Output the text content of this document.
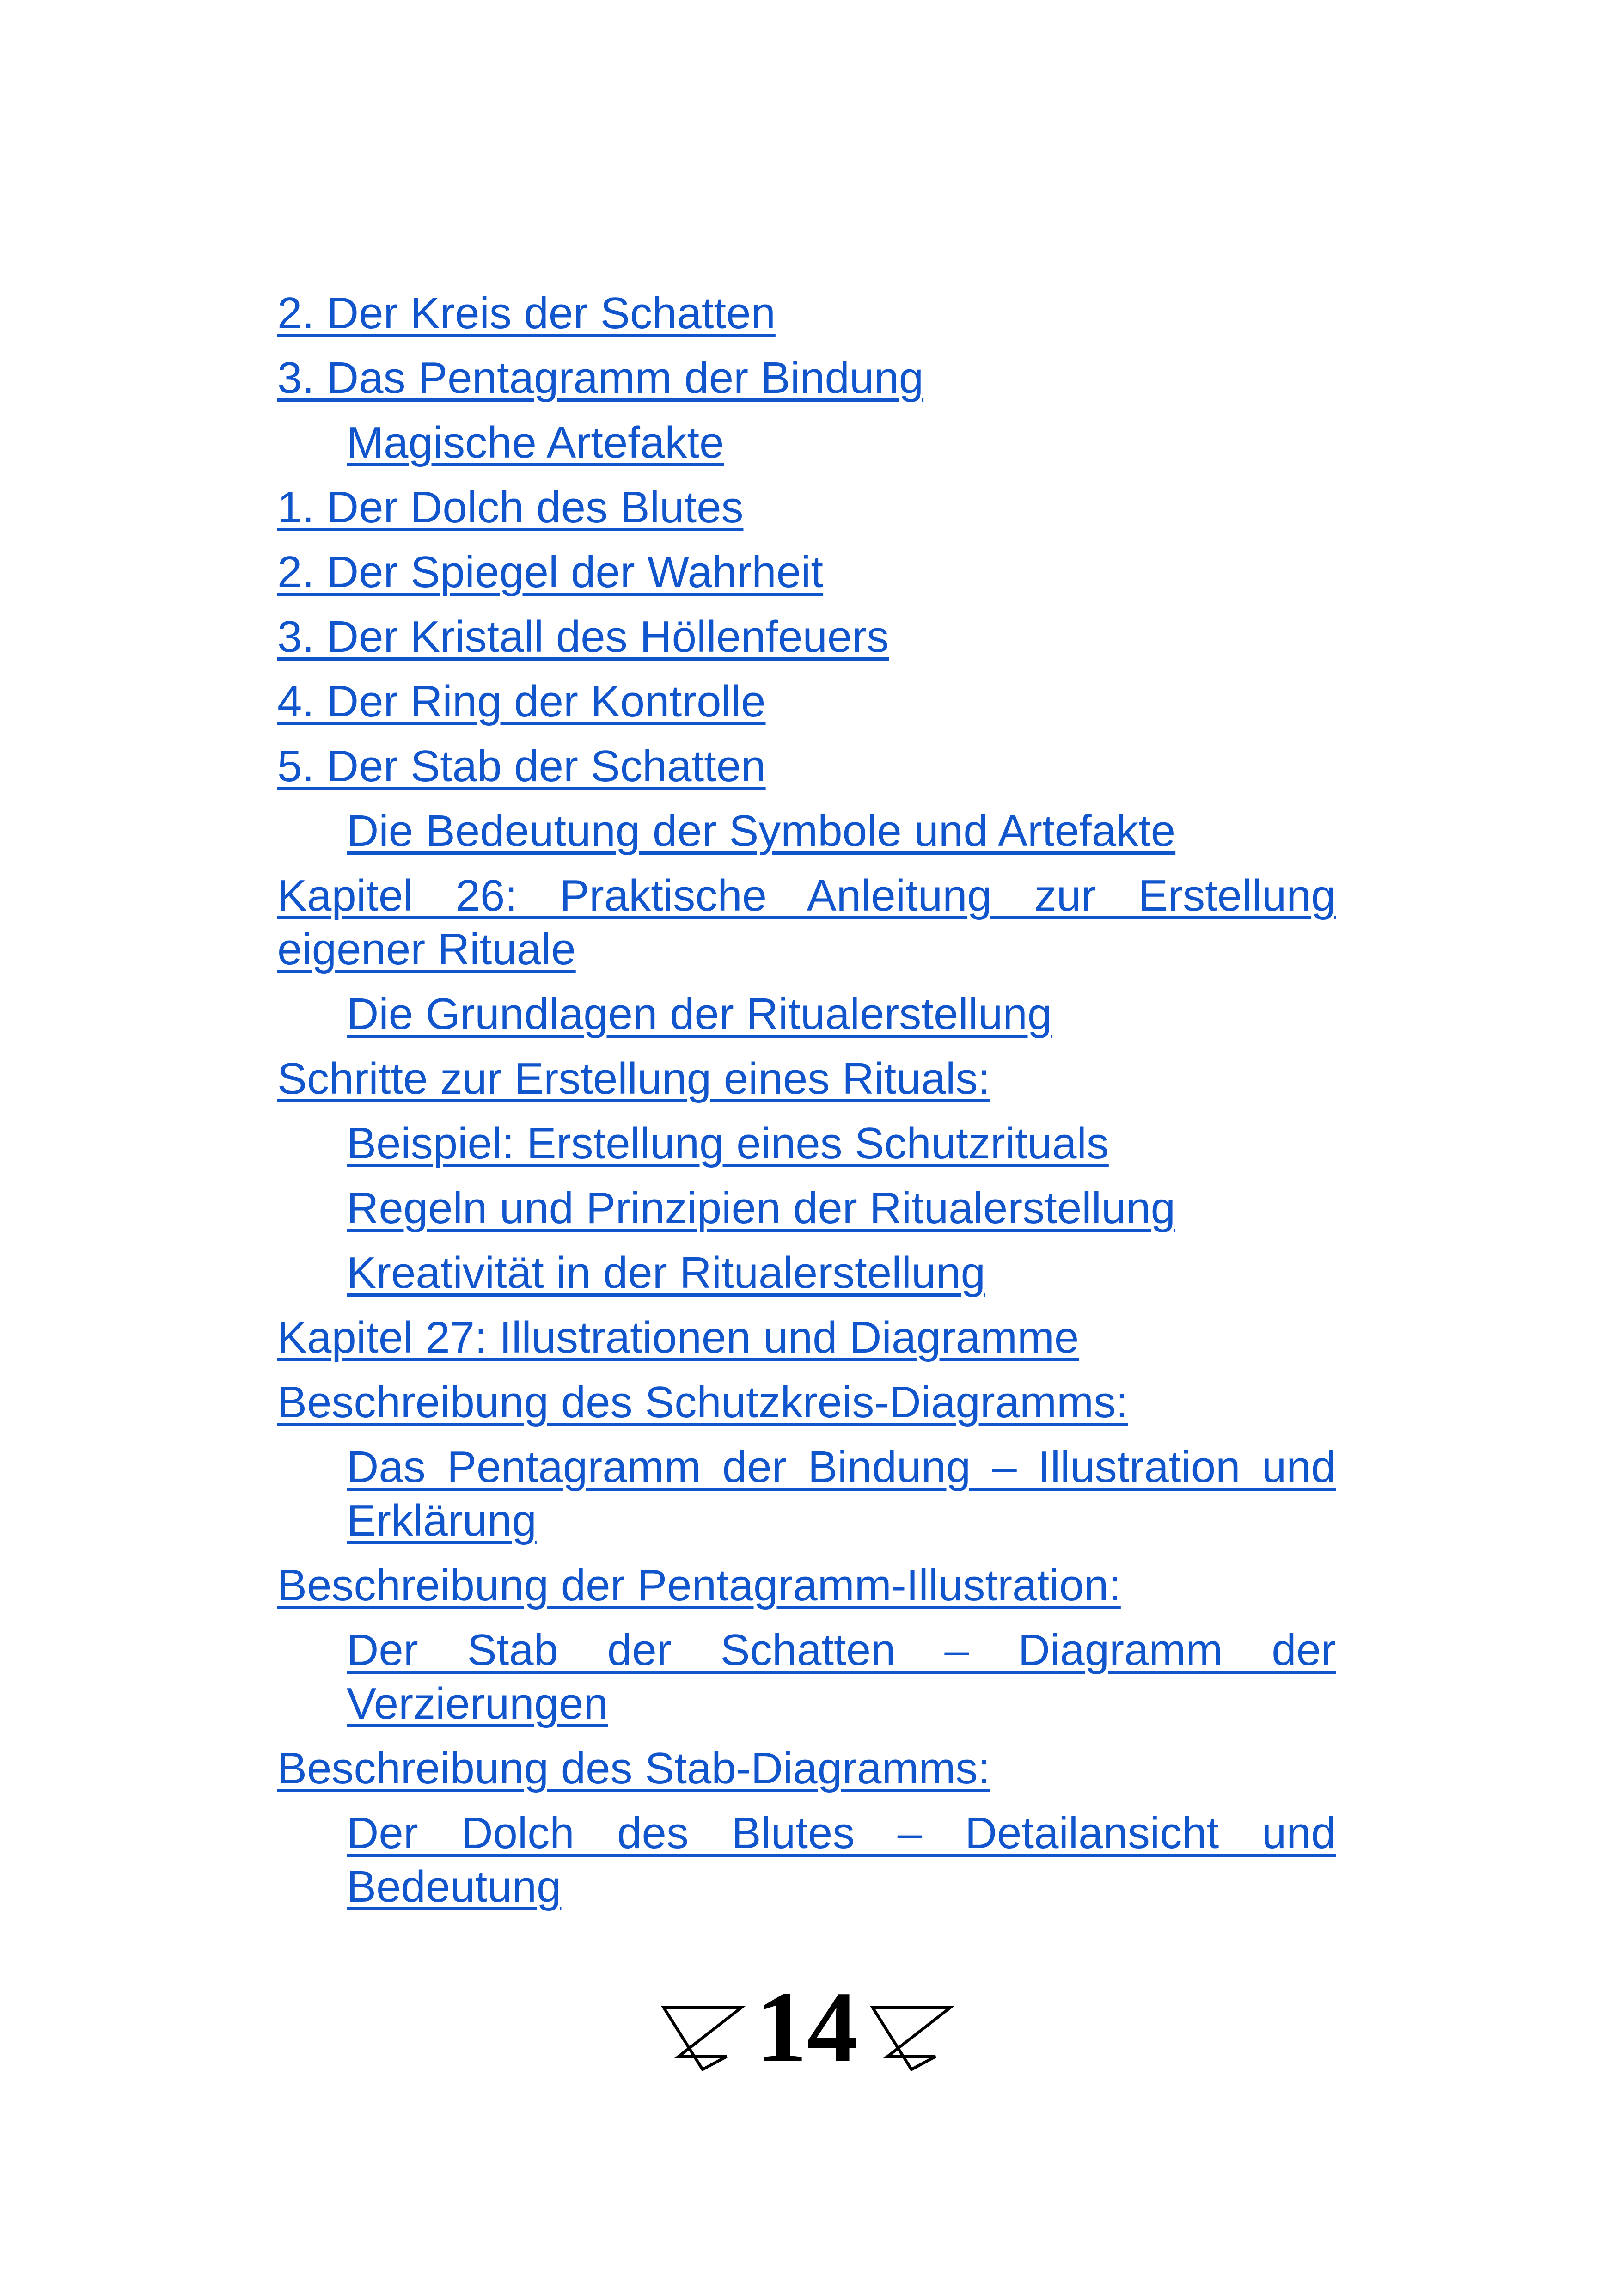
2. Der Kreis der Schatten
3. Das Pentagramm der Bindung
Magische Artefakte
1. Der Dolch des Blutes
2. Der Spiegel der Wahrheit
3. Der Kristall des Höllenfeuers
4. Der Ring der Kontrolle
5. Der Stab der Schatten
Die Bedeutung der Symbole und Artefakte
Kapitel 26: Praktische Anleitung zur Erstellung eigener Rituale
Die Grundlagen der Ritualerstellung
Schritte zur Erstellung eines Rituals:
Beispiel: Erstellung eines Schutzrituals
Regeln und Prinzipien der Ritualerstellung
Kreativität in der Ritualerstellung
Kapitel 27: Illustrationen und Diagramme
Beschreibung des Schutzkreis-Diagramms:
Das Pentagramm der Bindung – Illustration und Erklärung
Beschreibung der Pentagramm-Illustration:
Der Stab der Schatten – Diagramm der Verzierungen
Beschreibung des Stab-Diagramms:
Der Dolch des Blutes – Detailansicht und Bedeutung
14
